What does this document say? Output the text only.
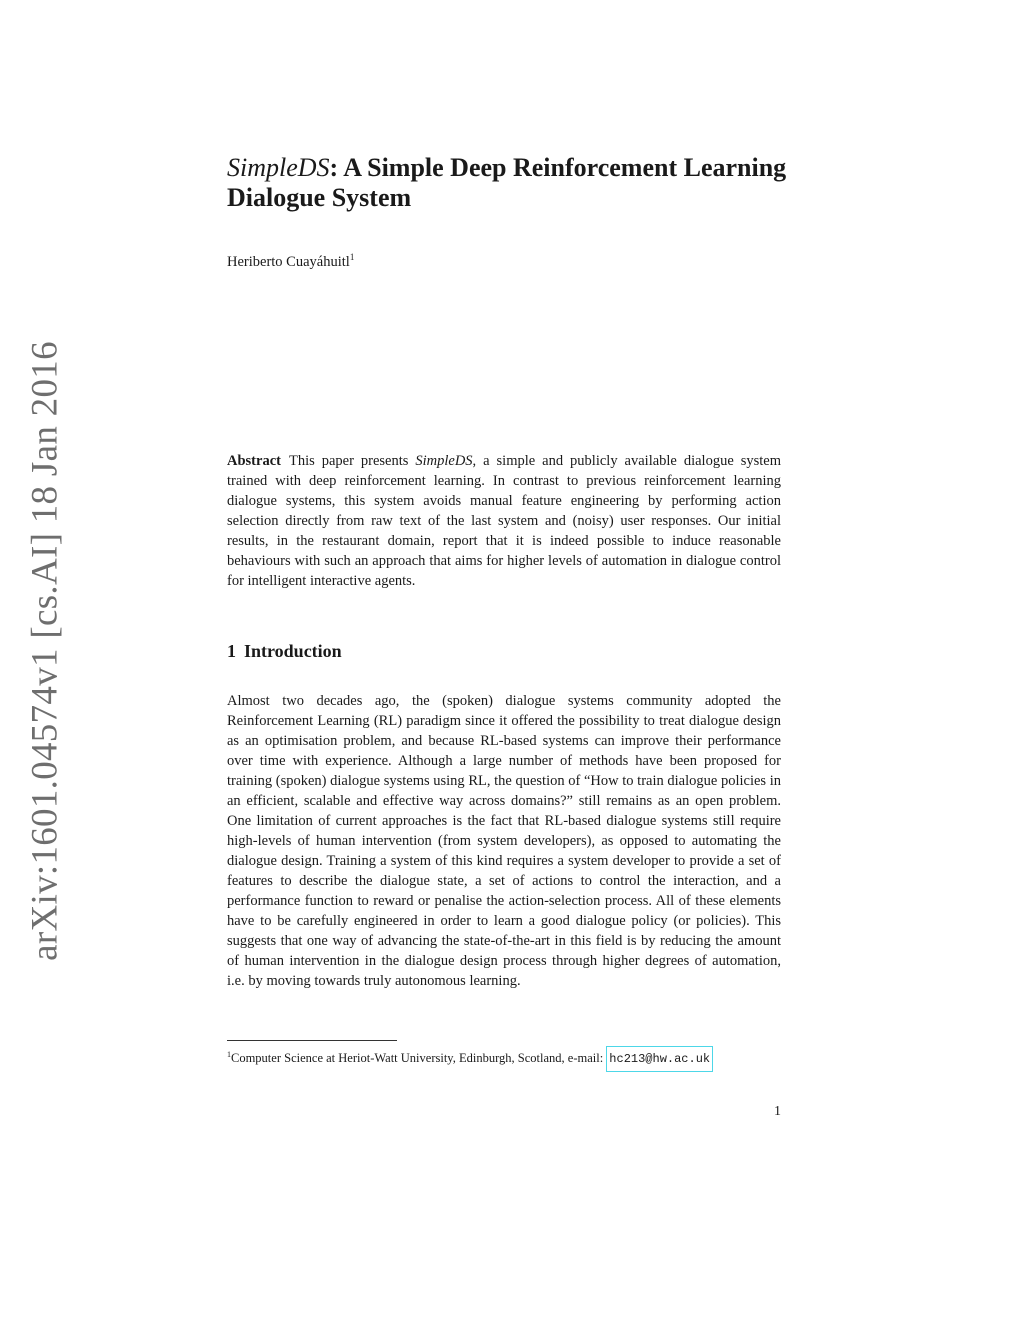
arXiv:1601.04574v1 [cs.AI] 18 Jan 2016
SimpleDS: A Simple Deep Reinforcement Learning Dialogue System
Heriberto Cuayáhuitl$^1$

Abstract This paper presents SimpleDS, a simple and publicly available dialogue system trained with deep reinforcement learning. In contrast to previous reinforcement learning dialogue systems, this system avoids manual feature engineering by performing action selection directly from raw text of the last system and (noisy) user responses. Our initial results, in the restaurant domain, report that it is indeed possible to induce reasonable behaviours with such an approach that aims for higher levels of automation in dialogue control for intelligent interactive agents.

1 Introduction

Almost two decades ago, the (spoken) dialogue systems community adopted the Reinforcement Learning (RL) paradigm since it offered the possibility to treat dialogue design as an optimisation problem, and because RL-based systems can improve their performance over time with experience. Although a large number of methods have been proposed for training (spoken) dialogue systems using RL, the question of “How to train dialogue policies in an efficient, scalable and effective way across domains?” still remains as an open problem. One limitation of current approaches is the fact that RL-based dialogue systems still require high-levels of human intervention (from system developers), as opposed to automating the dialogue design. Training a system of this kind requires a system developer to provide a set of features to describe the dialogue state, a set of actions to control the interaction, and a performance function to reward or penalise the action-selection process. All of these elements have to be carefully engineered in order to learn a good dialogue policy (or policies). This suggests that one way of advancing the state-of-the-art in this field is by reducing the amount of human intervention in the dialogue design process through higher degrees of automation, i.e. by moving towards truly autonomous learning.

$^1$Computer Science at Heriot-Watt University, Edinburgh, Scotland, e-mail: hc213@hw.ac.uk
1
